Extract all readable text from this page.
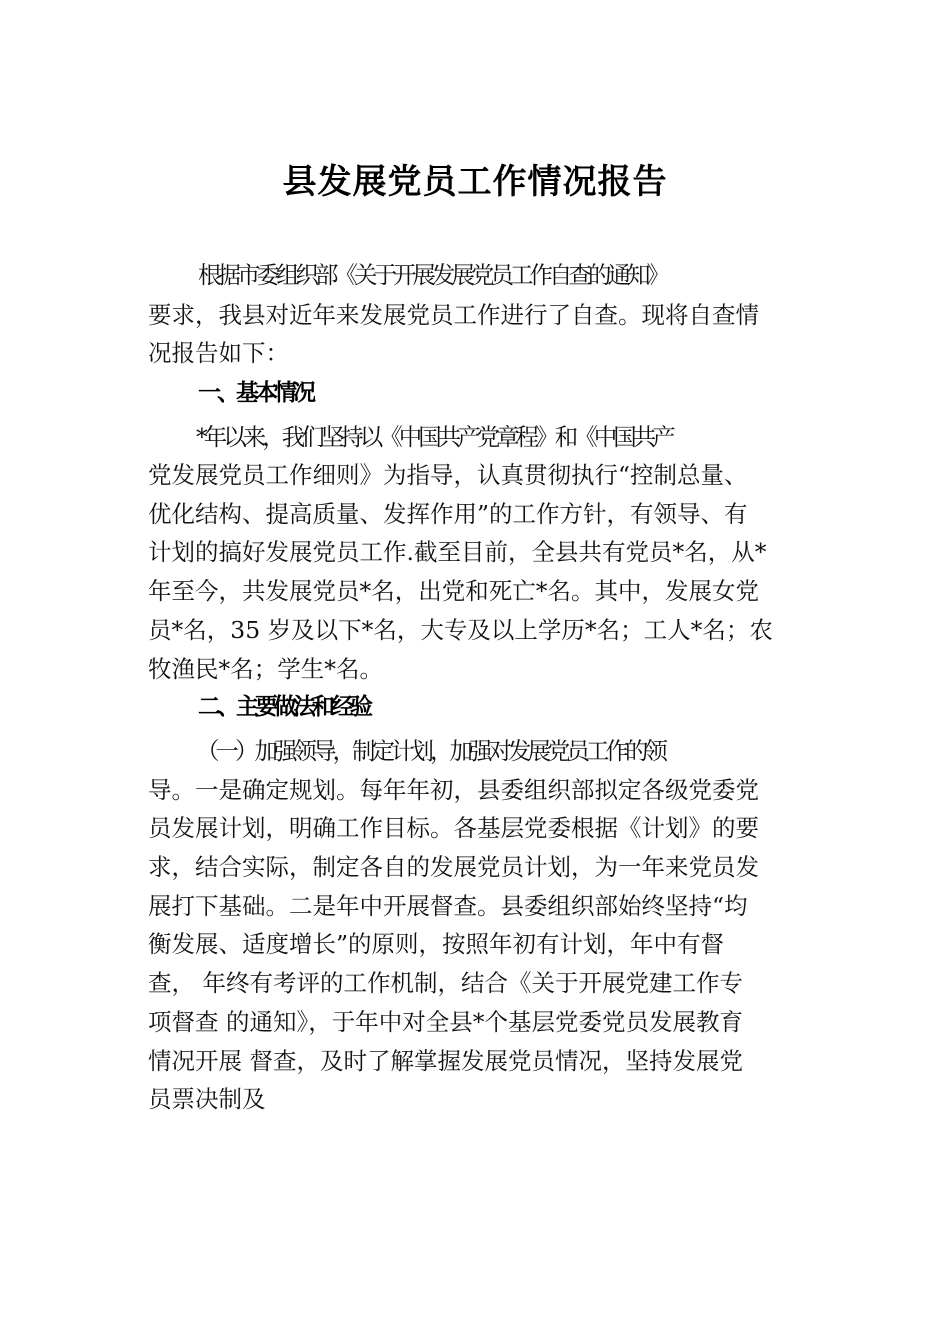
县发展党员工作情况报告
根据市委组织部《关于开展发展党员工作自查的通知》
要求，我县对近年来发展党员工作进行了自查。现将自查情
况报告如下：
一、基本情况
*年以来，我们坚持以《中国共产党章程》和《中国共产
党发展党员工作细则》为指导，认真贯彻执行“控制总量、
优化结构、提高质量、发挥作用”的工作方针，有领导、有
计划的搞好发展党员工作.截至目前，全县共有党员*名，从*
年至今，共发展党员*名，出党和死亡*名。其中，发展女党
员*名，35 岁及以下*名，大专及以上学历*名；工人*名；农
牧渔民*名；学生*名。
二、主要做法和经验
（一）加强领导，制定计划，加强对发展党员工作的领
导。一是确定规划。每年年初，县委组织部拟定各级党委党
员发展计划，明确工作目标。各基层党委根据《计划》的要
求，结合实际，制定各自的发展党员计划，为一年来党员发
展打下基础。二是年中开展督查。县委组织部始终坚持“均
衡发展、适度增长”的原则，按照年初有计划，年中有督
查， 年终有考评的工作机制，结合《关于开展党建工作专
项督查 的通知》，于年中对全县*个基层党委党员发展教育
情况开展 督查，及时了解掌握发展党员情况，坚持发展党
员票决制及
